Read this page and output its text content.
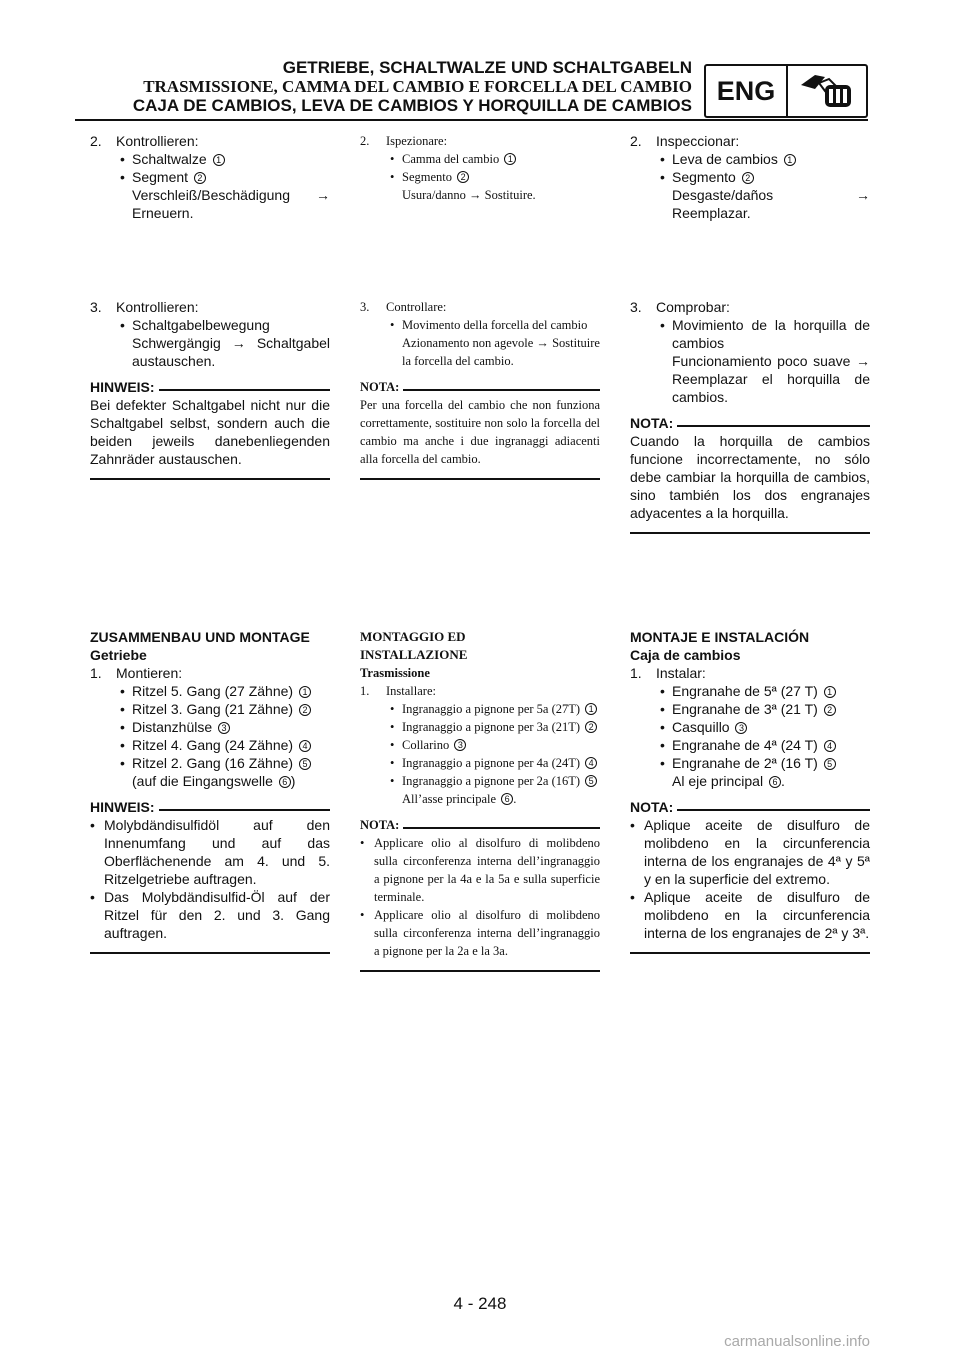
GETRIEBE, SCHALTWALZE UND SCHALTGABELN
TRASMISSIONE, CAMMA DEL CAMBIO E FORCELLA DEL CAMBIO
CAJA DE CAMBIOS, LEVA DE CAMBIOS Y HORQUILLA DE CAMBIOS ENG
2. Kontrollieren:
• Schaltwalze 1
• Segment 2
Verschleiß/Beschädigung → Erneuern.
3. Kontrollieren:
• Schaltgabelbewegung
Schwergängig → Schaltgabel austauschen.
HINWEIS:
Bei defekter Schaltgabel nicht nur die Schaltgabel selbst, sondern auch die beiden jeweils danebenliegenden Zahnräder austauschen.
2. Ispezionare:
• Camma del cambio 1
• Segmento 2
Usura/danno → Sostituire.
3. Controllare:
• Movimento della forcella del cambio
Azionamento non agevole → Sostituire la forcella del cambio.
NOTA:
Per una forcella del cambio che non funziona correttamente, sostituire non solo la forcella del cambio ma anche i due ingranaggi adiacenti alla forcella del cambio.
2. Inspeccionar:
• Leva de cambios 1
• Segmento 2
Desgaste/daños → Reemplazar.
3. Comprobar:
• Movimiento de la horquilla de cambios
Funcionamiento poco suave → Reemplazar el horquilla de cambios.
NOTA:
Cuando la horquilla de cambios funcione incorrectamente, no sólo debe cambiar la horquilla de cambios, sino también los dos engranajes adyacentes a la horquilla.
ZUSAMMENBAU UND MONTAGE
Getriebe
1. Montieren:
• Ritzel 5. Gang (27 Zähne) 1
• Ritzel 3. Gang (21 Zähne) 2
• Distanzhülse 3
• Ritzel 4. Gang (24 Zähne) 4
• Ritzel 2. Gang (16 Zähne) 5
(auf die Eingangswelle 6 )
HINWEIS:
• Molybdändisulfidöl auf den Innenumfang und auf das Oberflächenende am 4. und 5. Ritzelgetriebe auftragen.
• Das Molybdändisulfid-Öl auf der Ritzel für den 2. und 3. Gang auftragen.
MONTAGGIO ED INSTALLAZIONE
Trasmissione
1. Installare:
• Ingranaggio a pignone per 5a (27T) 1
• Ingranaggio a pignone per 3a (21T) 2
• Collarino 3
• Ingranaggio a pignone per 4a (24T) 4
• Ingranaggio a pignone per 2a (16T) 5
All’asse principale 6 .
NOTA:
• Applicare olio al disolfuro di molibdeno sulla circonferenza interna dell’ingranaggio a pignone per la 4a e la 5a e sulla superficie terminale.
• Applicare olio al disolfuro di molibdeno sulla circonferenza interna dell’ingranaggio a pignone per la 2a e la 3a.
MONTAJE E INSTALACIÓN
Caja de cambios
1. Instalar:
• Engranahe de 5ª (27 T) 1
• Engranahe de 3ª (21 T) 2
• Casquillo 3
• Engranahe de 4ª (24 T) 4
• Engranahe de 2ª (16 T) 5
Al eje principal 6 .
NOTA:
• Aplique aceite de disulfuro de molibdeno en la circunferencia interna de los engranajes de 4ª y 5ª y en la superficie del extremo.
• Aplique aceite de disulfuro de molibdeno en la circunferencia interna de los engranajes de 2ª y 3ª.
4 - 248
carmanualsonline.info
